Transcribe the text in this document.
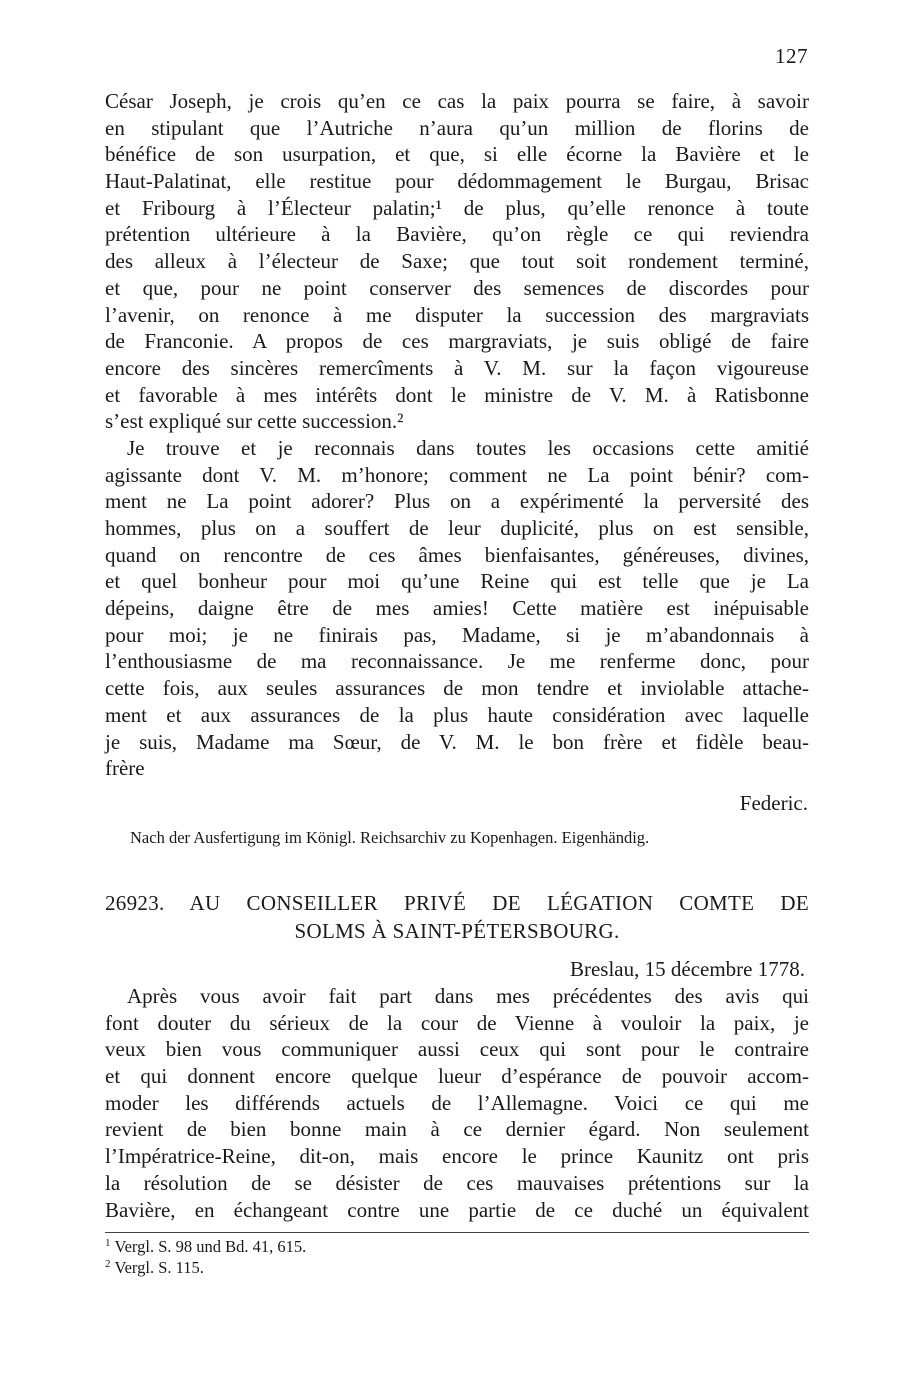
127
César Joseph, je crois qu’en ce cas la paix pourra se faire, à savoir
en stipulant que l’Autriche n’aura qu’un million de florins de
bénéfice de son usurpation, et que, si elle écorne la Bavière et le
Haut-Palatinat, elle restitue pour dédommagement le Burgau, Brisac
et Fribourg à l’Électeur palatin;¹ de plus, qu’elle renonce à toute
prétention ultérieure à la Bavière, qu’on règle ce qui reviendra
des alleux à l’électeur de Saxe; que tout soit rondement terminé,
et que, pour ne point conserver des semences de discordes pour
l’avenir, on renonce à me disputer la succession des margraviats
de Franconie. A propos de ces margraviats, je suis obligé de faire
encore des sincères remercîments à V. M. sur la façon vigoureuse
et favorable à mes intérêts dont le ministre de V. M. à Ratisbonne
s’est expliqué sur cette succession.²
Je trouve et je reconnais dans toutes les occasions cette amitié
agissante dont V. M. m’honore; comment ne La point bénir? com-
ment ne La point adorer? Plus on a expérimenté la perversité des
hommes, plus on a souffert de leur duplicité, plus on est sensible,
quand on rencontre de ces âmes bienfaisantes, généreuses, divines,
et quel bonheur pour moi qu’une Reine qui est telle que je La
dépeins, daigne être de mes amies! Cette matière est inépuisable
pour moi; je ne finirais pas, Madame, si je m’abandonnais à
l’enthousiasme de ma reconnaissance. Je me renferme donc, pour
cette fois, aux seules assurances de mon tendre et inviolable attache-
ment et aux assurances de la plus haute considération avec laquelle
je suis, Madame ma Sœur, de V. M. le bon frère et fidèle beau-
frère
Federic.
Nach der Ausfertigung im Königl. Reichsarchiv zu Kopenhagen. Eigenhändig.
26923. AU CONSEILLER PRIVÉ DE LÉGATION COMTE DE
SOLMS À SAINT-PÉTERSBOURG.
Breslau, 15 décembre 1778.
Après vous avoir fait part dans mes précédentes des avis qui
font douter du sérieux de la cour de Vienne à vouloir la paix, je
veux bien vous communiquer aussi ceux qui sont pour le contraire
et qui donnent encore quelque lueur d’espérance de pouvoir accom-
moder les différends actuels de l’Allemagne. Voici ce qui me
revient de bien bonne main à ce dernier égard. Non seulement
l’Impératrice-Reine, dit-on, mais encore le prince Kaunitz ont pris
la résolution de se désister de ces mauvaises prétentions sur la
Bavière, en échangeant contre une partie de ce duché un équivalent
$^1$ Vergl. S. 98 und Bd. 41, 615.
$^2$ Vergl. S. 115.
